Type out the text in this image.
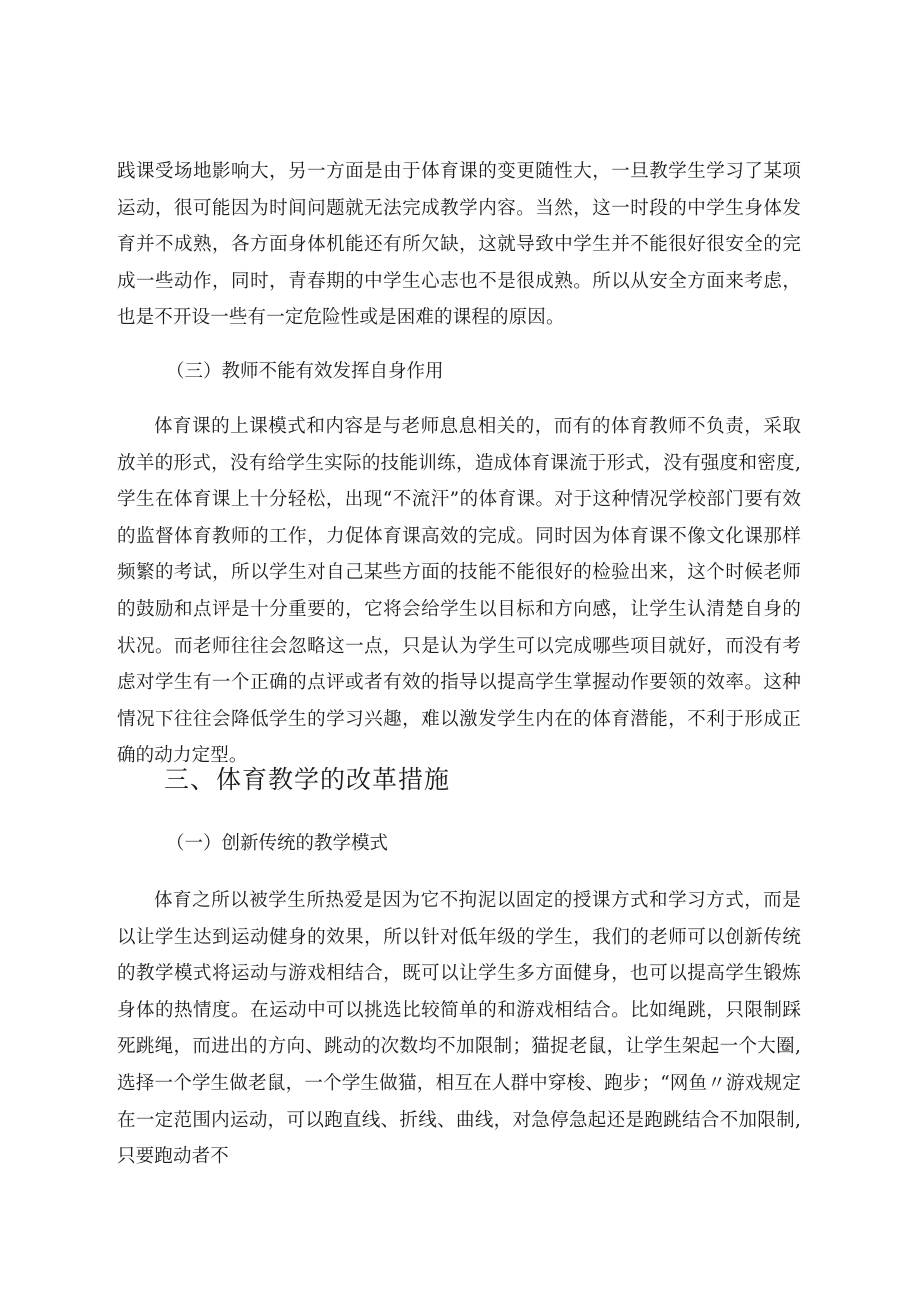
践课受场地影响大，另一方面是由于体育课的变更随性大，一旦教学生学习了某项运动，很可能因为时间问题就无法完成教学内容。当然，这一时段的中学生身体发育并不成熟，各方面身体机能还有所欠缺，这就导致中学生并不能很好很安全的完成一些动作，同时，青春期的中学生心志也不是很成熟。所以从安全方面来考虑，也是不开设一些有一定危险性或是困难的课程的原因。

（三）教师不能有效发挥自身作用

体育课的上课模式和内容是与老师息息相关的，而有的体育教师不负责，采取放羊的形式，没有给学生实际的技能训练，造成体育课流于形式，没有强度和密度,学生在体育课上十分轻松，出现“不流汗”的体育课。对于这种情况学校部门要有效的监督体育教师的工作，力促体育课高效的完成。同时因为体育课不像文化课那样频繁的考试，所以学生对自己某些方面的技能不能很好的检验出来，这个时候老师的鼓励和点评是十分重要的，它将会给学生以目标和方向感，让学生认清楚自身的状况。而老师往往会忽略这一点，只是认为学生可以完成哪些项目就好，而没有考虑对学生有一个正确的点评或者有效的指导以提高学生掌握动作要领的效率。这种情况下往往会降低学生的学习兴趣，难以激发学生内在的体育潜能，不利于形成正确的动力定型。

三、体育教学的改革措施

（一）创新传统的教学模式

体育之所以被学生所热爱是因为它不拘泥以固定的授课方式和学习方式，而是以让学生达到运动健身的效果，所以针对低年级的学生，我们的老师可以创新传统的教学模式将运动与游戏相结合，既可以让学生多方面健身，也可以提高学生锻炼身体的热情度。在运动中可以挑选比较简单的和游戏相结合。比如绳跳，只限制踩死跳绳，而进出的方向、跳动的次数均不加限制；猫捉老鼠，让学生架起一个大圈,选择一个学生做老鼠，一个学生做猫，相互在人群中穿梭、跑步；“网鱼〃游戏规定在一定范围内运动，可以跑直线、折线、曲线，对急停急起还是跑跳结合不加限制,只要跑动者不
